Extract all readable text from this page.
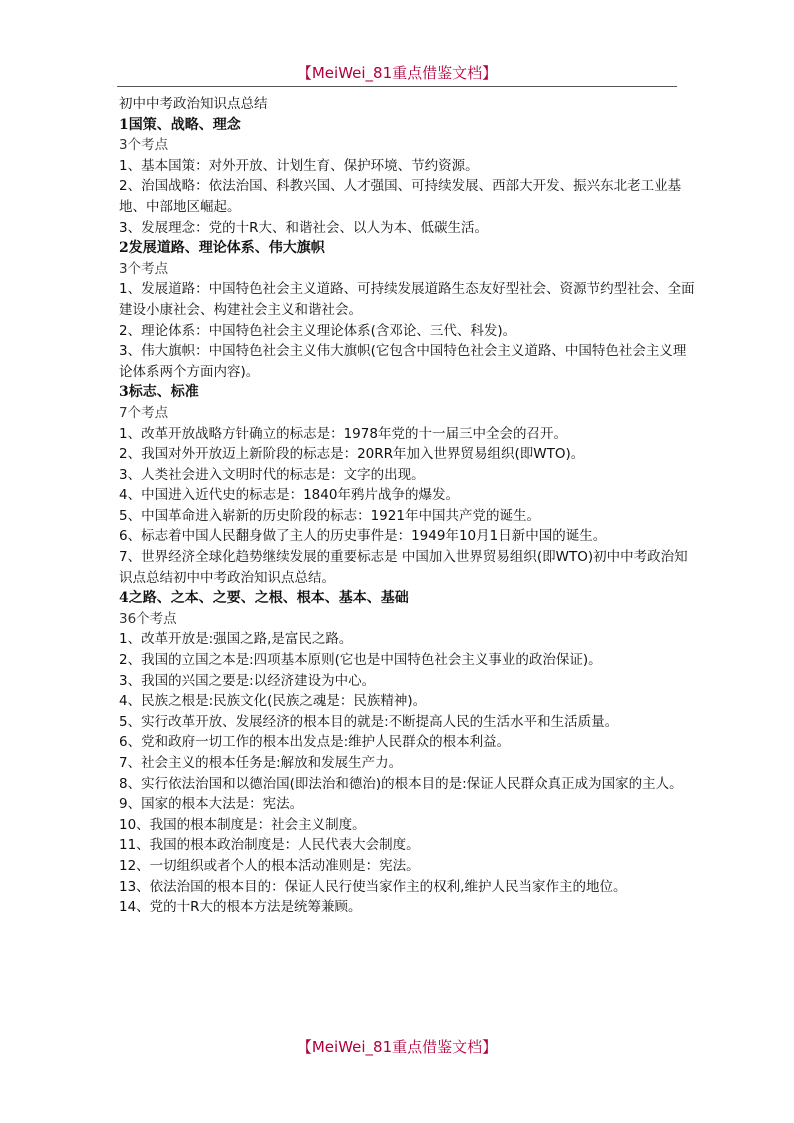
【MeiWei_81重点借鉴文档】

初中中考政治知识点总结

1国策、战略、理念

3个考点

1、基本国策：对外开放、计划生育、保护环境、节约资源。

2、治国战略：依法治国、科教兴国、人才强国、可持续发展、西部大开发、振兴东北老工业基地、中部地区崛起。

3、发展理念：党的十R大、和谐社会、以人为本、低碳生活。

2发展道路、理论体系、伟大旗帜

3个考点

1、发展道路：中国特色社会主义道路、可持续发展道路生态友好型社会、资源节约型社会、全面建设小康社会、构建社会主义和谐社会。

2、理论体系：中国特色社会主义理论体系(含邓论、三代、科发)。

3、伟大旗帜：中国特色社会主义伟大旗帜(它包含中国特色社会主义道路、中国特色社会主义理论体系两个方面内容)。

3标志、标准

7个考点

1、改革开放战略方针确立的标志是：1978年党的十一届三中全会的召开。

2、我国对外开放迈上新阶段的标志是：20RR年加入世界贸易组织(即WTO)。

3、人类社会进入文明时代的标志是：文字的出现。

4、中国进入近代史的标志是：1840年鸦片战争的爆发。

5、中国革命进入崭新的历史阶段的标志：1921年中国共产党的诞生。

6、标志着中国人民翻身做了主人的历史事件是：1949年10月1日新中国的诞生。

7、世界经济全球化趋势继续发展的重要标志是 中国加入世界贸易组织(即WTO)初中中考政治知识点总结初中中考政治知识点总结。

4之路、之本、之要、之根、根本、基本、基础

36个考点

1、改革开放是:强国之路,是富民之路。

2、我国的立国之本是:四项基本原则(它也是中国特色社会主义事业的政治保证)。

3、我国的兴国之要是:以经济建设为中心。

4、民族之根是:民族文化(民族之魂是：民族精神)。

5、实行改革开放、发展经济的根本目的就是:不断提高人民的生活水平和生活质量。

6、党和政府一切工作的根本出发点是:维护人民群众的根本利益。

7、社会主义的根本任务是:解放和发展生产力。

8、实行依法治国和以德治国(即法治和德治)的根本目的是:保证人民群众真正成为国家的主人。

9、国家的根本大法是：宪法。

10、我国的根本制度是：社会主义制度。

11、我国的根本政治制度是：人民代表大会制度。

12、一切组织或者个人的根本活动准则是：宪法。

13、依法治国的根本目的：保证人民行使当家作主的权利,维护人民当家作主的地位。

14、党的十R大的根本方法是统筹兼顾。

【MeiWei_81重点借鉴文档】
